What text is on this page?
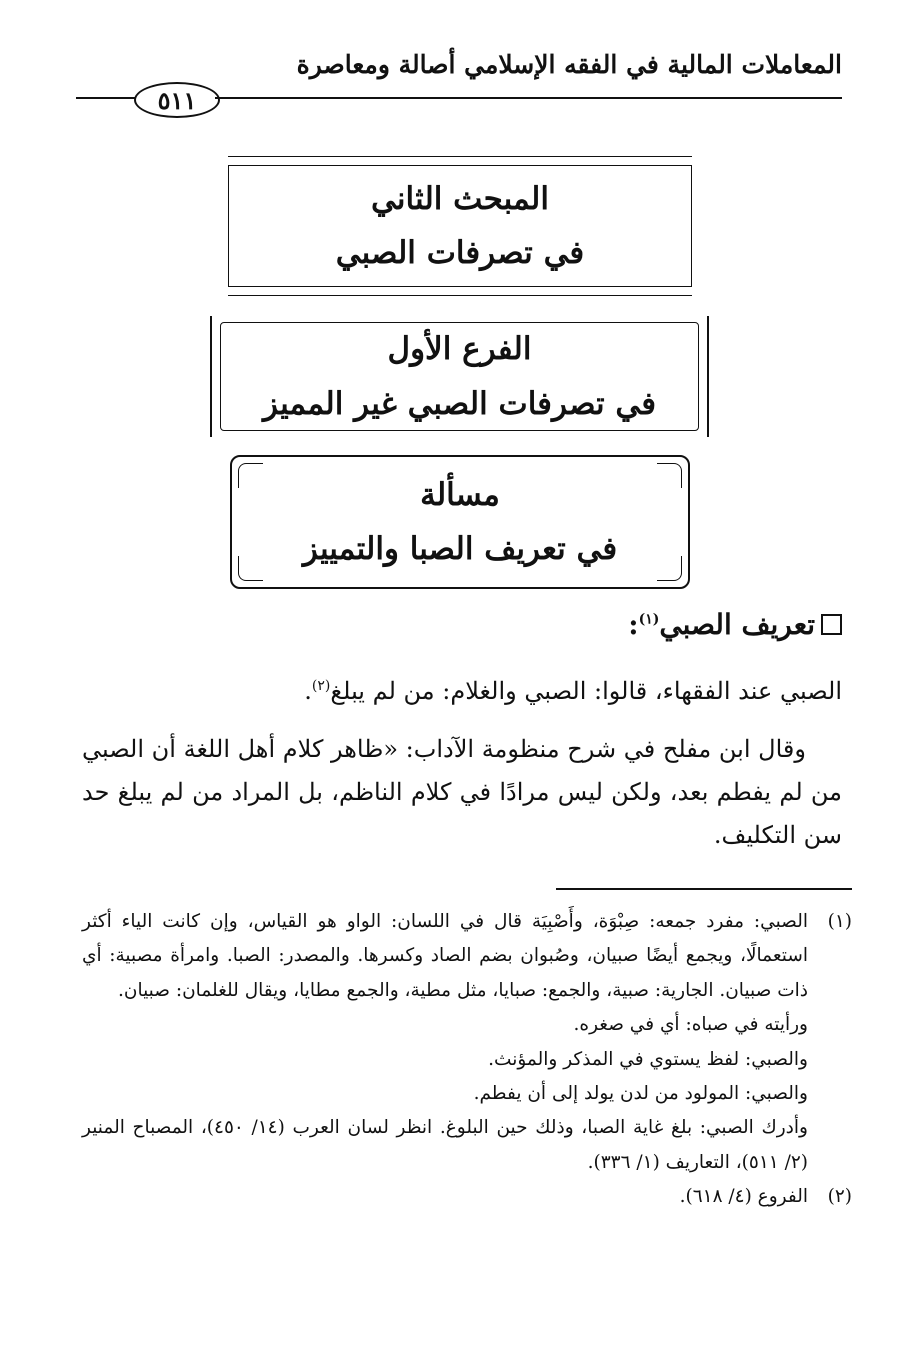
المعاملات المالية في الفقه الإسلامي أصالة ومعاصرة
٥١١
المبحث الثاني
في تصرفات الصبي
الفرع الأول
في تصرفات الصبي غير المميز
مسألة
في تعريف الصبا والتمييز
تعريف الصبي$^{(١)}$:
الصبي عند الفقهاء، قالوا: الصبي والغلام: من لم يبلغ$^{(٢)}$.
وقال ابن مفلح في شرح منظومة الآداب: «ظاهر كلام أهل اللغة أن الصبي من لم يفطم بعد، ولكن ليس مرادًا في كلام الناظم، بل المراد من لم يبلغ حد سن التكليف.
(١)
الصبي: مفرد جمعه: صِبْوَة، وأَصْبِيَة قال في اللسان: الواو هو القياس، وإن كانت الياء أكثر استعمالًا، ويجمع أيضًا صبيان، وصُبوان بضم الصاد وكسرها. والمصدر: الصبا. وامرأة مصبية: أي ذات صبيان. الجارية: صبية، والجمع: صبايا، مثل مطية، والجمع مطايا، ويقال للغلمان: صبيان.
ورأيته في صباه: أي في صغره.
والصبي: لفظ يستوي في المذكر والمؤنث.
والصبي: المولود من لدن يولد إلى أن يفطم.
وأدرك الصبي: بلغ غاية الصبا، وذلك حين البلوغ. انظر لسان العرب (١٤/ ٤٥٠)، المصباح المنير (٢/ ٥١١)، التعاريف (١/ ٣٣٦).
(٢)
الفروع (٤/ ٦١٨).
